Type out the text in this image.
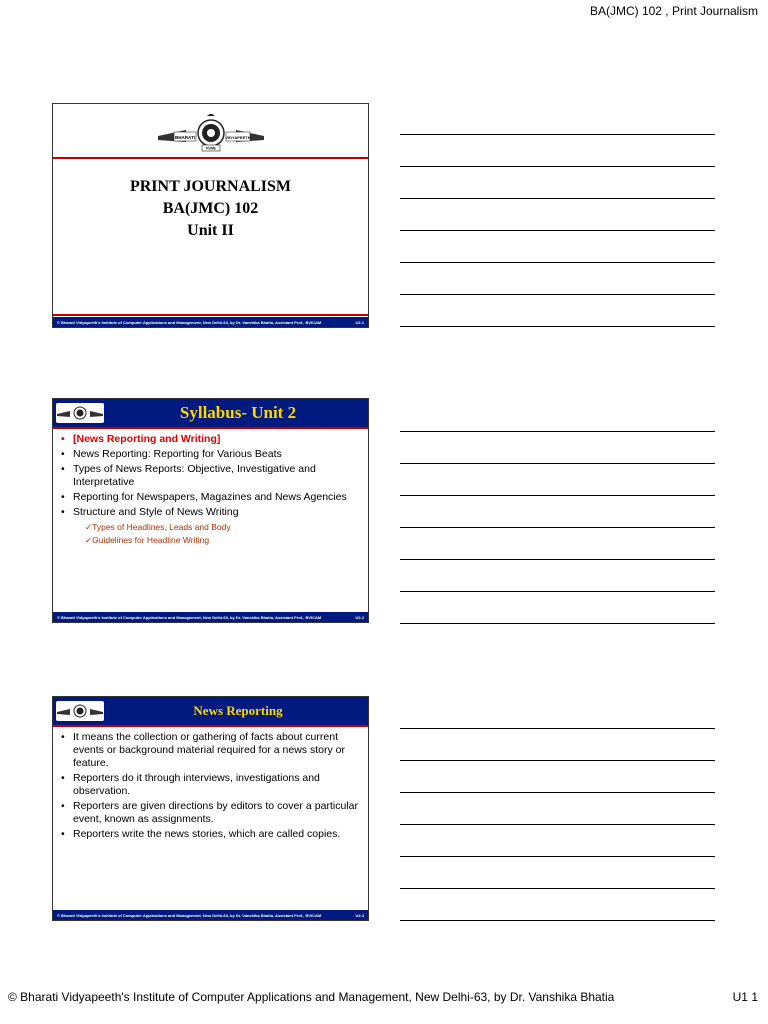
BA(JMC) 102 , Print Journalism
BHARATI	VIDYAPEETH
PUNE
PRINT JOURNALISM
BA(JMC) 102
Unit II
© Bharati Vidyapeeth's Institute of Computer Applications and Management, New Delhi-63, by Dr. Vanshika Bhatia, Assistant Prof., BVICAM	U2.1
Syllabus- Unit 2
• [News Reporting and Writing]
• News Reporting: Reporting for Various Beats
• Types of News Reports: Objective, Investigative and Interpretative
• Reporting for Newspapers, Magazines and News Agencies
• Structure and Style of News Writing
✓Types of Headlines, Leads and Body
✓Guidelines for Headline Writing
© Bharati Vidyapeeth's Institute of Computer Applications and Management, New Delhi-63, by Dr. Vanshika Bhatia, Assistant Prof., BVICAM	U2.2
News Reporting
• It means the collection or gathering of facts about current events or background material required for a news story or feature.
• Reporters do it through interviews, investigations and observation.
• Reporters are given directions by editors to cover a particular event, known as assignments.
• Reporters write the news stories, which are called copies.
© Bharati Vidyapeeth's Institute of Computer Applications and Management, New Delhi-63, by Dr. Vanshika Bhatia, Assistant Prof., BVICAM	U2.3
© Bharati Vidyapeeth's Institute of Computer Applications and Management, New Delhi-63, by Dr. Vanshika Bhatia	U1 1
